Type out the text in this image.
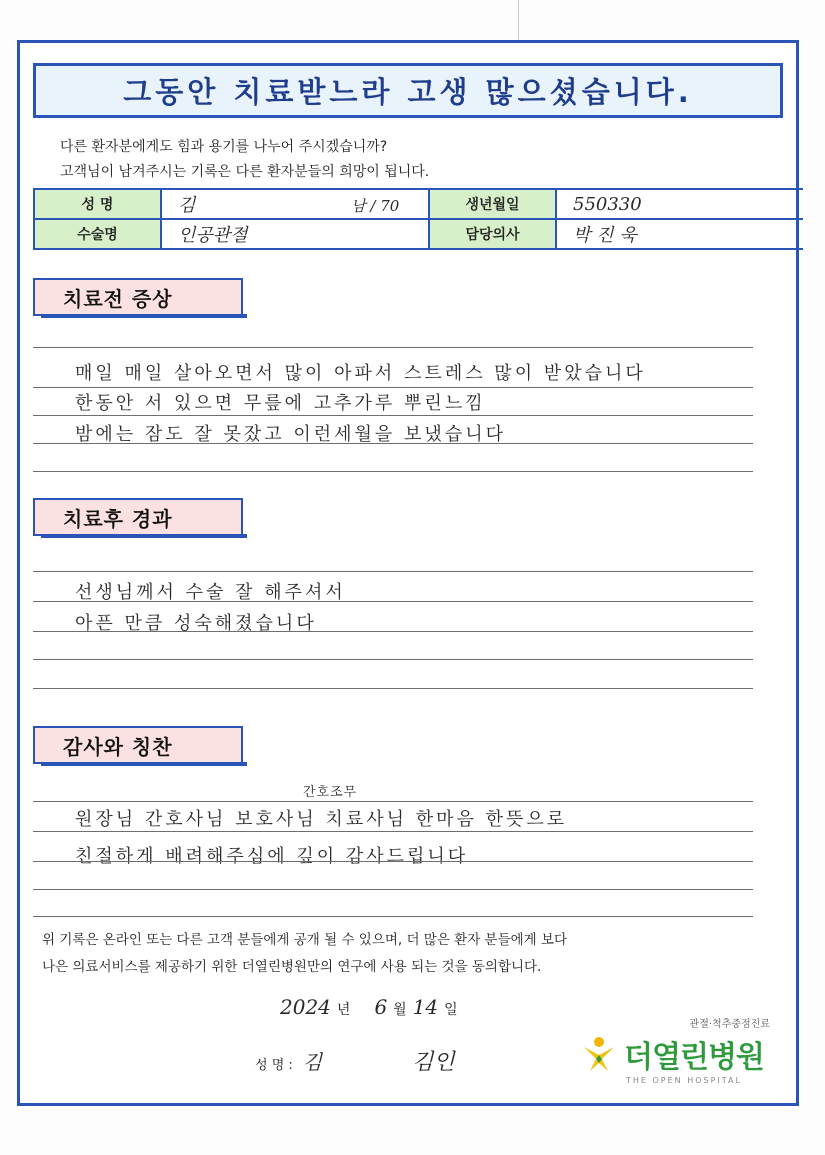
그동안 치료받느라 고생 많으셨습니다.
다른 환자분에게도 힘과 용기를 나누어 주시겠습니까?
고객님이 남겨주시는 기록은 다른 환자분들의 희망이 됩니다.
성 명	김 남 / 70	생년월일	550330
수술명	인공관절	담당의사	박 진 욱
치료전 증상
매일 매일 살아오면서 많이 아파서 스트레스 많이 받았습니다
한동안 서 있으면 무릎에 고추가루 뿌린느낌
밤에는 잠도 잘 못잤고 이런세월을 보냈습니다
치료후 경과
선생님께서 수술 잘 해주셔서
아픈 만큼 성숙해졌습니다
감사와 칭찬
간호조무
원장님 간호사님 보호사님 치료사님 한마음 한뜻으로
친절하게 배려해주심에 깊이 감사드립니다
위 기록은 온라인 또는 다른 고객 분들에게 공개 될 수 있으며, 더 많은 환자 분들에게 보다
나은 의료서비스를 제공하기 위한 더열린병원만의 연구에 사용 되는 것을 동의합니다.
2024 년 6 월 14 일
성 명 : 김	김인
관절·척추중점진료
더열린병원
THE OPEN HOSPITAL
